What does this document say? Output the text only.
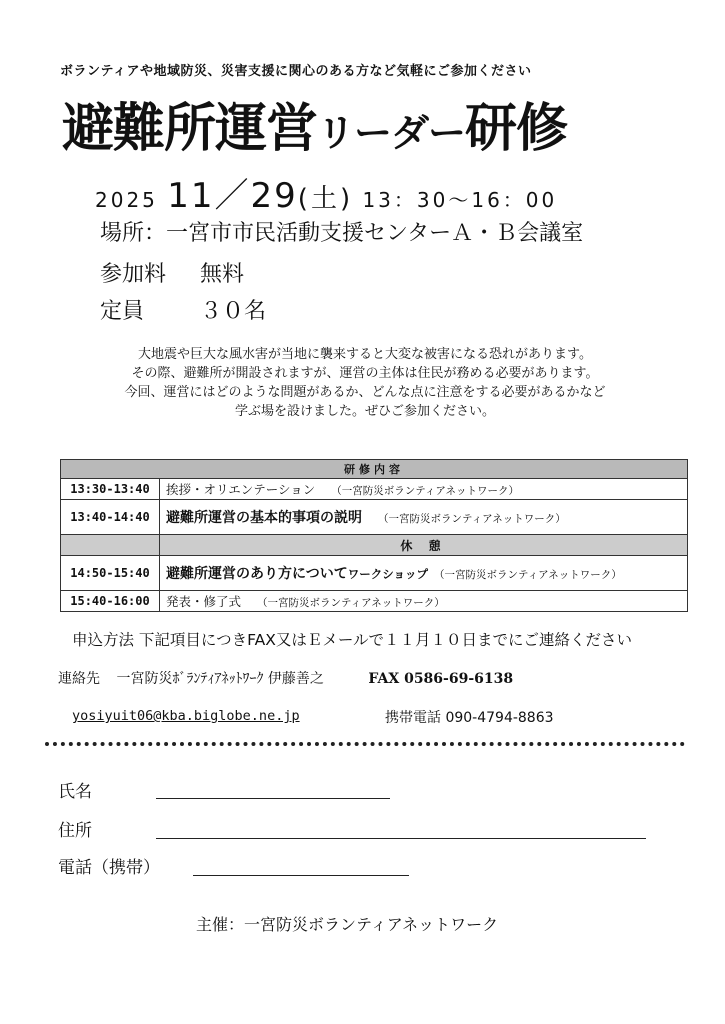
ボランティアや地域防災、災害支援に関心のある方など気軽にご参加ください
避難所運営リーダー研修
2025 11／29(土) 13：30～16：00
場所：一宮市市民活動支援センターＡ・Ｂ会議室
参加料 無料
定員	３０名
大地震や巨大な風水害が当地に襲来すると大変な被害になる恐れがあります。
その際、避難所が開設されますが、運営の主体は住民が務める必要があります。
今回、運営にはどのような問題があるか、どんな点に注意をする必要があるかなど
学ぶ場を設けました。ぜひご参加ください。
研修内容	
13:30-13:40	挨拶・オリエンテーション （一宮防災ボランティアネットワーク）
13:40-14:40	避難所運営の基本的事項の説明 （一宮防災ボランティアネットワーク）
	休 憩
14:50-15:40	避難所運営のあり方についてワークショップ （一宮防災ボランティアネットワーク）
15:40-16:00	発表・修了式 （一宮防災ボランティアネットワーク）
申込方法 下記項目につきFAX又はＥメールで１１月１０日までにご連絡ください
連絡先 一宮防災ﾎﾞﾗﾝﾃｨｱﾈｯﾄﾜｰｸ 伊藤善之	FAX 0586-69-6138
yosiyuit06@kba.biglobe.ne.jp	携帯電話 090-4794-8863
氏名
住所
電話（携帯）
主催：一宮防災ボランティアネットワーク
